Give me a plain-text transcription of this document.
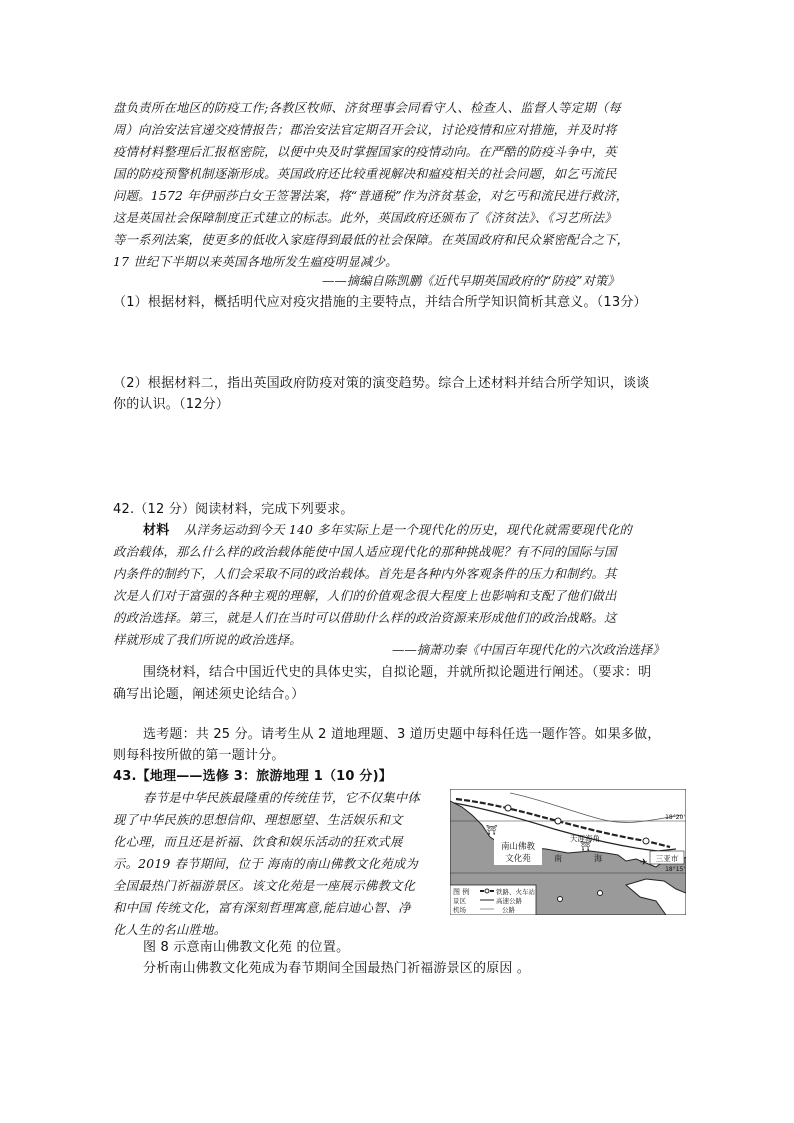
盘负责所在地区的防疫工作;各教区牧师、济贫理事会同看守人、检查人、监督人等定期（每
周）向治安法官递交疫情报告；郡治安法官定期召开会议，讨论疫情和应对措施，并及时将
疫情材料整理后汇报枢密院，以便中央及时掌握国家的疫情动向。在严酷的防疫斗争中，英
国的防疫预警机制逐渐形成。英国政府还比较重视解决和瘟疫相关的社会问题，如乞丐流民
问题。1572 年伊丽莎白女王签署法案，将“普通税”作为济贫基金，对乞丐和流民进行救济，
这是英国社会保障制度正式建立的标志。此外，英国政府还颁布了《济贫法》、《习艺所法》
等一系列法案，使更多的低收入家庭得到最低的社会保障。在英国政府和民众紧密配合之下，
17 世纪下半期以来英国各地所发生瘟疫明显减少。
——摘编自陈凯鹏《近代早期英国政府的“防疫”对策》
（1）根据材料，概括明代应对疫灾措施的主要特点，并结合所学知识简析其意义。（13分）
（2）根据材料二，指出英国政府防疫对策的演变趋势。综合上述材料并结合所学知识，谈谈
你的认识。（12分）
42.（12 分）阅读材料，完成下列要求。
材料 从洋务运动到今天 140 多年实际上是一个现代化的历史，现代化就需要现代化的
政治载体，那么什么样的政治载体能使中国人适应现代化的那种挑战呢？有不同的国际与国
内条件的制约下，人们会采取不同的政治载体。首先是各种内外客观条件的压力和制约。其
次是人们对于富强的各种主观的理解，人们的价值观念很大程度上也影响和支配了他们做出
的政治选择。第三，就是人们在当时可以借助什么样的政治资源来形成他们的政治战略。这
样就形成了我们所说的政治选择。
——摘萧功秦《中国百年现代化的六次政治选择》
围绕材料，结合中国近代史的具体史实，自拟论题，并就所拟论题进行阐述。（要求：明
确写出论题，阐述须史论结合。）
选考题：共 25 分。请考生从 2 道地理题、3 道历史题中每科任选一题作答。如果多做，
则每科按所做的第一题计分。
43.【地理——选修 3：旅游地理 1（10 分)】
春节是中华民族最隆重的传统佳节，它不仅集中体
现了中华民族的思想信仰、理想愿望、生活娱乐和文
化心理，而且还是祈福、饮食和娱乐活动的狂欢式展
示。2019 春节期间，位于 海南的南山佛教文化苑成为
全国最热门祈福游景区。该文化苑是一座展示佛教文化
和中国 传统文化，富有深刻哲理寓意,能启迪心智、净
化人生的名山胜地。
图 8 示意南山佛教文化苑 的位置。
分析南山佛教文化苑成为春节期间全国最热门祈福游景区的原因 。
⛩
⛩
✈
南山佛教
文化苑
天涯海角
三亚市
南	海
18°20'
18°15'
图 例	铁路、火车站
景区	高速公路
机场	公路
